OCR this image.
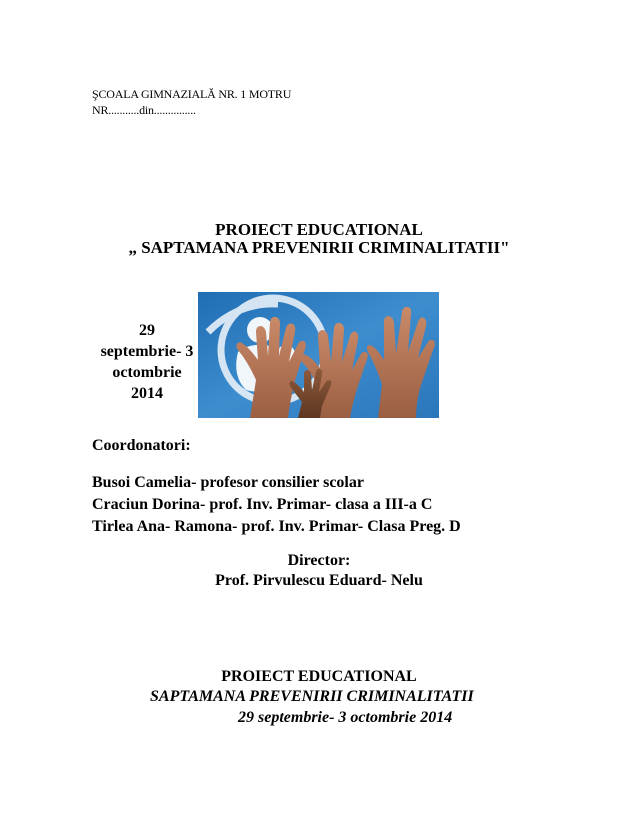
ŞCOALA GIMNAZIALĂ NR. 1 MOTRU
NR...........din...............
PROIECT EDUCATIONAL
„ SAPTAMANA PREVENIRII CRIMINALITATII"
29
septembrie- 3
octombrie
2014
Coordonatori:
Busoi Camelia- profesor consilier scolar
Craciun Dorina- prof. Inv. Primar- clasa a III-a C
Tirlea Ana- Ramona- prof. Inv. Primar- Clasa Preg. D
Director:
Prof. Pirvulescu Eduard- Nelu
PROIECT EDUCATIONAL
SAPTAMANA PREVENIRII CRIMINALITATII
29 septembrie- 3 octombrie 2014
